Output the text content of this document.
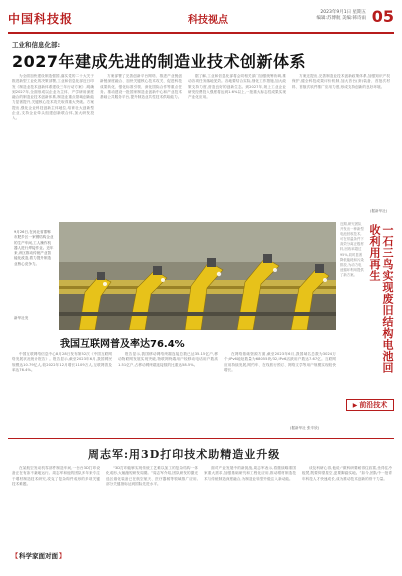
中国科技报	科技视点
2023年9月1日 星期五
编辑:苏博航 美编:韩诗雨 05
工业和信息化部:
2027年建成先进的制造业技术创新体系

为全面加快建设制造强国,落实党的二十大关于推进新型工业化的决策部署,工业和信息化部近日印发《制造业技术创新体系建设三年行动方案》,明确到2027年,全面形成以企业为主体、产学研用深度融合的制造业技术创新体系,制造业重点领域创新能力显著提升,关键核心技术攻关取得重大突破。方案提出,强化企业科技创新主体地位,培育壮大创新型企业,支持企业牵头组建创新联合体,加大研发投入。

方案部署了完善创新平台网络、推进产业链创新链深度融合、加快关键核心技术攻关、促进科技成果转化、强化标准引领、深化国际合作等重点任务。推动建设一批国家制造业创新中心和产业技术基础公共服务平台,提升制造业共性技术供给能力。

据了解,工业和信息化部将会同相关部门加强统筹协调,推动各项任务落地见效。各地要结合实际,细化工作措施,加大政策支持力度,营造良好的创新生态。到2027年,规上工业企业研发经费投入强度将达到1.6%以上,一批重大标志性成果实现产业化应用。

方案还提出,完善制造业技术创新政策体系,加强知识产权保护,健全科技成果评价机制,加大首台(套)装备、首批次材料、首版次软件推广应用力度,形成支持创新的良好环境。

(据新华社)
9月26日,在河北省邯郸市肥乡区一家钢结构企业的生产车间,工人操作机器人进行焊接作业。近年来,该区推动传统产业智能化改造,着力提升制造业核心竞争力。
新华社发
近期,研究团队开发出一种新型电池回收技术,可在常温条件下高效分离正极材料,回收率超过95%,同时显著降低能耗和污染排放,为动力电池循环利用提供了新方案。	一石三鸟实现废旧结构电池回收利用再生
▶ 前沿技术
我国互联网普及率达76.4%

中国互联网络信息中心8月28日发布第52次《中国互联网络发展状况统计报告》。报告显示,截至2023年6月,我国网民规模达10.79亿人,较2022年12月增长1109万人,互联网普及率达76.4%。

报告显示,我国移动网络终端连接总数已达35.15亿户,移动物联网发展实现突破,物联网终端用户较移动电话用户数高1.51亿户,占移动网终端连接数的比重达58.5%。

在网络基础资源方面,截至2023年6月,我国域名总数为3024万个;IPv6地址数量为68055块/32,IPv6活跃用户数达7.67亿。互联网应用持续发展,网约车、在线旅行预订、网络文学等用户规模实现较快增长。

(据新华社 张辛欣)
周志军:用3D打印技术助精造业升级

在某航空发动机零部件制造车间,一台台3D打印设备正在有条不紊地运行。周志军和他的团队多年来专注于增材制造技术研究,攻克了复杂构件成形的多项关键技术难题。

“3D打印能够实现传统工艺难以加工的复杂结构一体化成形,大幅缩短研发周期。”周志军介绍,团队研发的激光选区熔化装备已在航空航天、医疗器械等领域推广应用,部分关键指标达到国际先进水平。

面对产业发展中的新挑战,周志军表示,将继续瞄准国家重大需求,加强基础研究和工程化应用,推动增材制造技术与传统制造深度融合,为制造业转型升级注入新动能。

谈及科研心得,他说:“做科研要耐得住寂寞,坐得住冷板凳,既要仰望星空,更要脚踏实地。”如今,团队中一批青年科技人才快速成长,成为推动技术创新的骨干力量。

【 科学家面对面 】
